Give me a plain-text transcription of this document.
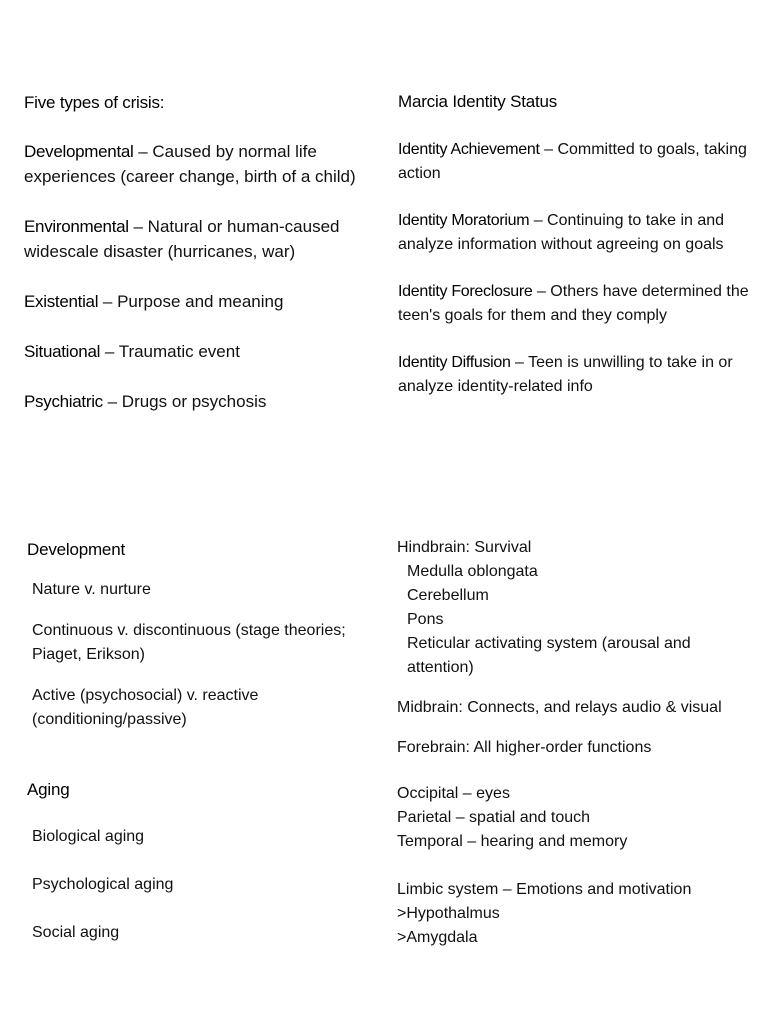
Five types of crisis:
Developmental – Caused by normal life experiences (career change, birth of a child)
Environmental – Natural or human-caused widescale disaster (hurricanes, war)
Existential – Purpose and meaning
Situational – Traumatic event
Psychiatric – Drugs or psychosis
Marcia Identity Status
Identity Achievement – Committed to goals, taking action
Identity Moratorium – Continuing to take in and analyze information without agreeing on goals
Identity Foreclosure – Others have determined the teen's goals for them and they comply
Identity Diffusion – Teen is unwilling to take in or analyze identity-related info
Development
Nature v. nurture
Continuous v. discontinuous (stage theories; Piaget, Erikson)
Active (psychosocial) v. reactive (conditioning/passive)
Aging
Biological aging
Psychological aging
Social aging
Hindbrain: Survival
Medulla oblongata
Cerebellum
Pons
Reticular activating system (arousal and attention)
Midbrain: Connects, and relays audio & visual
Forebrain: All higher-order functions
Occipital – eyes
Parietal – spatial and touch
Temporal – hearing and memory
Limbic system – Emotions and motivation
>Hypothalmus
>Amygdala
